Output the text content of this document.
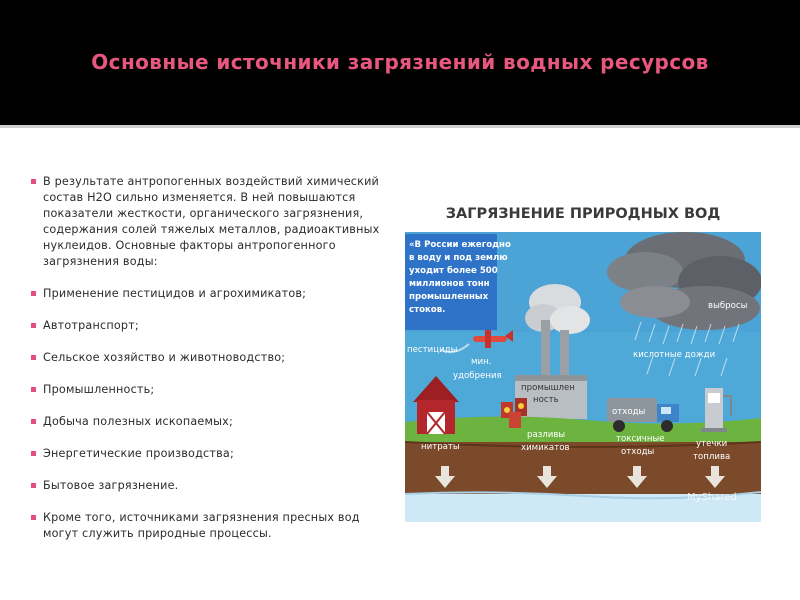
Основные источники загрязнений водных ресурсов
В результате антропогенных воздействий химический состав Н2О сильно изменяется. В ней повышаются показатели жесткости, органического загрязнения, содержания солей тяжелых металлов, радиоактивных нуклеидов. Основные факторы антропогенного загрязнения воды:
Применение пестицидов и агрохимикатов;
Автотранспорт;
Сельское хозяйство и животноводство;
Промышленность;
Добыча полезных ископаемых;
Энергетические производства;
Бытовое загрязнение.
Кроме того, источниками загрязнения пресных вод могут служить природные процессы.
ЗАГРЯЗНЕНИЕ ПРИРОДНЫХ ВОД
«В России ежегодно
в воду и под землю
уходит более 500
миллионов тонн
промышленных
стоков.	выбросы
кислотные дожди
пестициды
мин.
удобрения
промышлен
ность
отходы
нитраты
разливы
химикатов
токсичные
отходы
утечки
топлива
MyShared
